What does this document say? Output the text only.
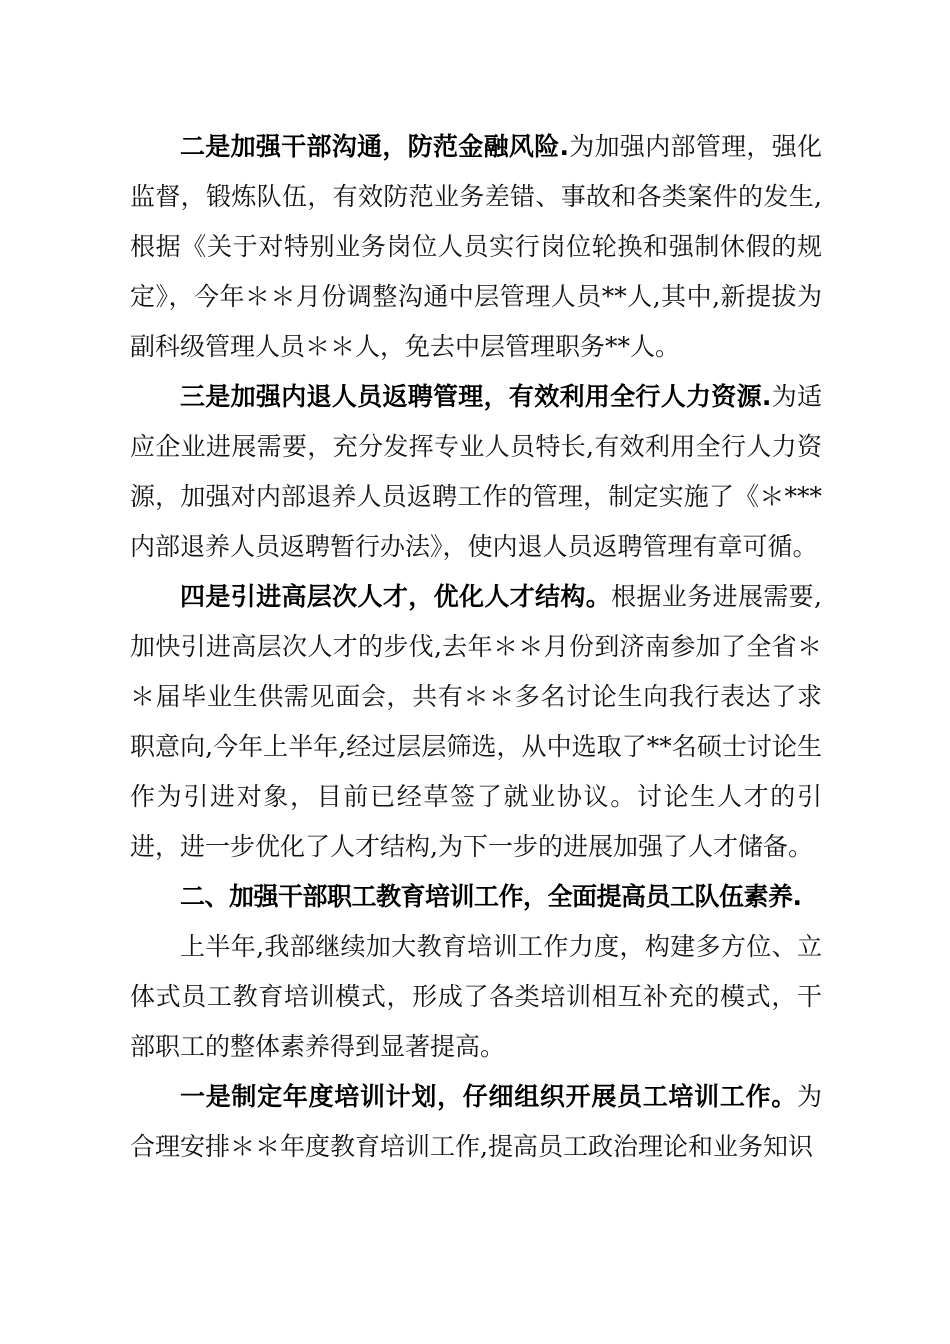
二是加强干部沟通，防范金融风险.为加强内部管理，强化监督，锻炼队伍，有效防范业务差错、事故和各类案件的发生,根据《关于对特别业务岗位人员实行岗位轮换和强制休假的规定》，今年＊＊月份调整沟通中层管理人员**人,其中,新提拔为副科级管理人员＊＊人，免去中层管理职务**人。

三是加强内退人员返聘管理，有效利用全行人力资源.为适应企业进展需要，充分发挥专业人员特长,有效利用全行人力资源，加强对内部退养人员返聘工作的管理，制定实施了《＊***内部退养人员返聘暂行办法》，使内退人员返聘管理有章可循。

四是引进高层次人才，优化人才结构。根据业务进展需要,加快引进高层次人才的步伐,去年＊＊月份到济南参加了全省＊＊届毕业生供需见面会，共有＊＊多名讨论生向我行表达了求职意向,今年上半年,经过层层筛选，从中选取了**名硕士讨论生作为引进对象，目前已经草签了就业协议。讨论生人才的引进，进一步优化了人才结构,为下一步的进展加强了人才储备。

二、加强干部职工教育培训工作，全面提高员工队伍素养.

上半年,我部继续加大教育培训工作力度，构建多方位、立体式员工教育培训模式，形成了各类培训相互补充的模式，干部职工的整体素养得到显著提高。

一是制定年度培训计划，仔细组织开展员工培训工作。为合理安排＊＊年度教育培训工作,提高员工政治理论和业务知识
